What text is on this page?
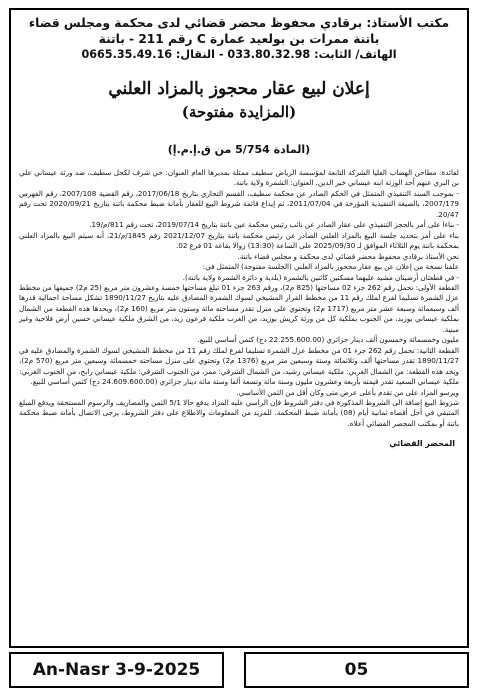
مكتب الأستاذ: برقادي محفوظ محضر قضائي لدى محكمة ومجلس قضاء
باتنة ممرات بن بولعيد عمارة C رقم 211 - باتنة
الهاتف/ الثابت: 033.80.32.98 - النقال: 0665.35.49.16
إعلان لبيع عقار محجوز بالمزاد العلني
(المزايدة مفتوحة)
(المادة 5/754 من ق.إ.م.إ)

لفائدة: مطاحن الهضاب العليا الشركة التابعة لمؤسسة الرياض سطيف ممثلة بمديرها العام العنوان: حي شرف لكحل سطيف، ضد ورثة عيساني علي بن البري عنهم أحد الورثة ابنه عيساني خير الدين. العنوان: الشمرة ولاية باتنة.

- بموجب السند التنفيذي المتمثل في الحكم الصادر عن محكمة سطيف، القسم التجاري بتاريخ 2017/06/18، رقم القضية 2007/108، رقم الفهرس 2007/179، بالصيغة التنفيذية المؤرخة في 2011/07/04، ثم إيداع قائمة شروط البيع للعقار بأمانة ضبط محكمة باتنة بتاريخ 2020/09/21 تحت رقم 20/47.

- بناءا على أمر بالحجز التنفيذي على عقار الصادر عن نائب رئيس محكمة عين باتنة بتاريخ 2019/07/14، تحت رقم 811/م/19.

بناء على أمر بتحديد جلسة البيع بالمزاد العلني الصادر عن رئيس محكمة باتنة بتاريخ 2021/12/07 رقم 1845/م/21، أنه سيتم البيع بالمزاد العلني بمحكمة باتنة يوم الثلاثاء الموافق لـ 2025/09/30 على الساعة (13:30) زوالا بقاعة 01 فرع 02.

نحن الأستاذ برقادي محفوظ محضر قضائي لدى محكمة و مجلس قضاء باتنة.

علقنا نسخة من إعلان عن بيع عقار محجوز بالمزاد العلني (الجلسة مفتوحة) المتمثل في:

- في قطعتان أرضيتان مشيد عليهما مسكنين كائنين بالشمرة (بلدية و دائرة الشمرة ولاية باتنة).

القطعة الأولى: تحمل رقم 262 جزء 02 مساحتها (825 م2)، ورقم 263 جزء 01 تبلغ مساحتها خمسة وعشرون متر مربع (25 م2) جميعها من مخطط عزل الشمرة تسليما لفرع لملك رقم 11 من مخطط القرار المشيخي لسوك الشمرة المصادق عليه بتاريخ 1890/11/27 تشكل مساحة اجمالية قدرها ألف وسبعمائة وسبعة عشر متر مربع (1717 م2) وتحتوي على منزل تقدر مساحته مائة وستون متر مربع (160 م2)، ويحدها هذه القطعة من الشمال بملكية عيساني بوزيد، من الجنوب بملكية كل من ورثة كريش بوزيد، من الغرب ملكية فرعون زيد، من الشرق ملكية عيساني حسين أرض فلاحية وغير مبنية.

مليون وخمسمائة وخمسون ألف دينار جزائري (22.255.600.00 دج) كثمن أساسي للبيع.

القطعة الثانية: تحمل رقم 262 جزء 01 من مخطط عزل الشمرة تسليما لفرع لملك رقم 11 من مخطط المشيخي لسوك الشمرة والمصادق عليه في 1890/11/27 تقدر مساحتها ألف وثلاثمائة وستة وسبعين متر مربع (1376 م2) وتحتوي على منزل مساحته خمسمائة وسبعين متر مربع (570 م2)، ويحد هذه القطعة: من الشمال الغربي: ملكية عيساني رشيد، من الشمال الشرقي: ممر، من الجنوب الشرقي: ملكية عيساني رابح، من الجنوب الغربي: ملكية عيساني السعيد تقدر قيمته بأربعة وعشرون مليون وستة مائة وتسعة ألفا وستة مائة دينار جزائري (24.609.600.00 دج) كثمن أساسي للبيع.

ويرسو المزاد على من تقدم بأعلى عرض متى وكان أقل من الثمن الأساسي.

شروط البيع إضافة الى الشروط المذكورة في دفتر الشروط فإن الراسي عليه المزاد يدفع حالا 5/1 الثمن والمصاريف والرسوم المستحقة ويدفع المبلغ المتبقي في أجل أقصاه ثمانية أيام (08) بأمانة ضبط المحكمة. للمزيد من المعلومات والاطلاع على دفتر الشروط، يرجى الاتصال بأمانة ضبط محكمة باتنة أو بمكتب المحضر القضائي أعلاه.

المحضر القضائي
An-Nasr 3-9-2025	05
